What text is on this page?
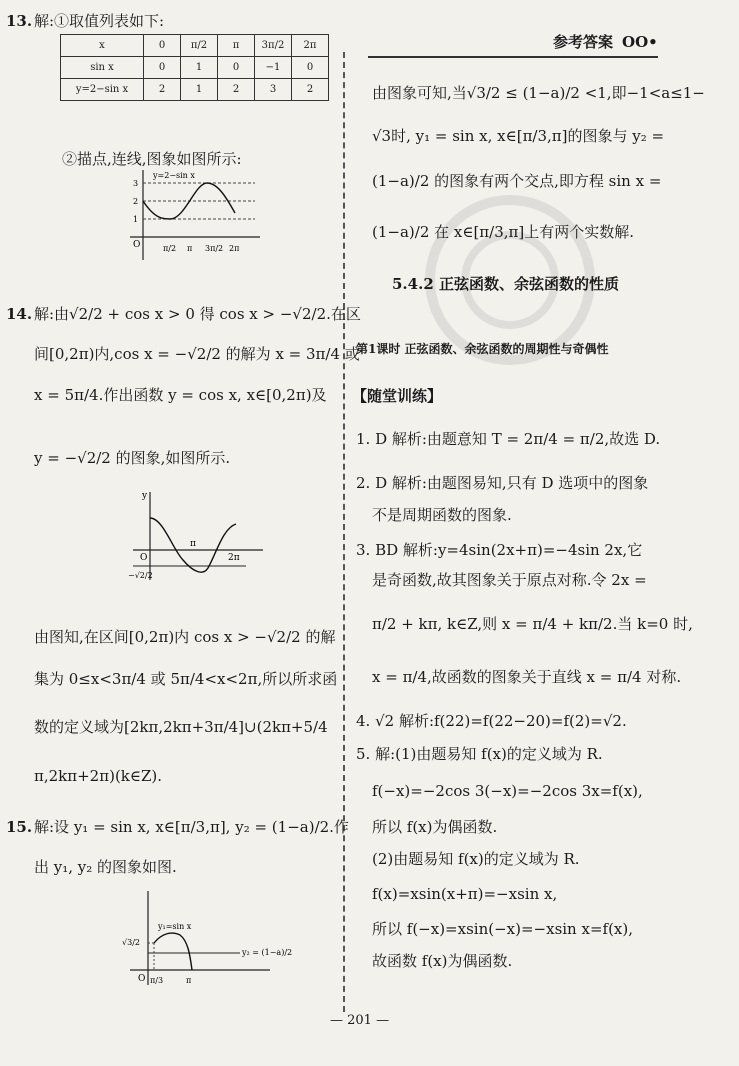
参考答案 OO•
13. 解:①取值列表如下:
x	0	π/2	π	3π/2	2π
sin x	0	1	0	−1	0
y=2−sin x	2	1	2	3	2
②描点,连线,图象如图所示:
y=2−sin x
3
2
1
O	π/2 π 3π/2 2π
14. 解:由√2/2 + cos x > 0 得 cos x > −√2/2.在区
间[0,2π)内,cos x = −√2/2 的解为 x = 3π/4 或
x = 5π/4.作出函数 y = cos x, x∈[0,2π)及
y = −√2/2 的图象,如图所示.
y
O
π
2π
−√2/2
由图知,在区间[0,2π)内 cos x > −√2/2 的解
集为 0≤x<3π/4 或 5π/4<x<2π,所以所求函
数的定义域为[2kπ,2kπ+3π/4]∪(2kπ+5/4
π,2kπ+2π)(k∈Z).
15. 解:设 y₁ = sin x, x∈[π/3,π], y₂ = (1−a)/2.作
出 y₁, y₂ 的图象如图.
y₁=sin x
y₂ = (1−a)/2
√3/2
O π/3	π
由图象可知,当√3/2 ≤ (1−a)/2 <1,即−1<a≤1−
√3时, y₁ = sin x, x∈[π/3,π]的图象与 y₂ =
(1−a)/2 的图象有两个交点,即方程 sin x =
(1−a)/2 在 x∈[π/3,π]上有两个实数解.
5.4.2 正弦函数、余弦函数的性质
第1课时 正弦函数、余弦函数的周期性与奇偶性
【随堂训练】
1. D 解析:由题意知 T = 2π/4 = π/2,故选 D.
2. D 解析:由题图易知,只有 D 选项中的图象
不是周期函数的图象.
3. BD 解析:y=4sin(2x+π)=−4sin 2x,它
是奇函数,故其图象关于原点对称.令 2x =
π/2 + kπ, k∈Z,则 x = π/4 + kπ/2.当 k=0 时,
x = π/4,故函数的图象关于直线 x = π/4 对称.
4. √2 解析:f(22)=f(22−20)=f(2)=√2.
5. 解:(1)由题易知 f(x)的定义域为 R.
f(−x)=−2cos 3(−x)=−2cos 3x=f(x),
所以 f(x)为偶函数.
(2)由题易知 f(x)的定义域为 R.
f(x)=xsin(x+π)=−xsin x,
所以 f(−x)=xsin(−x)=−xsin x=f(x),
故函数 f(x)为偶函数.
— 201 —
